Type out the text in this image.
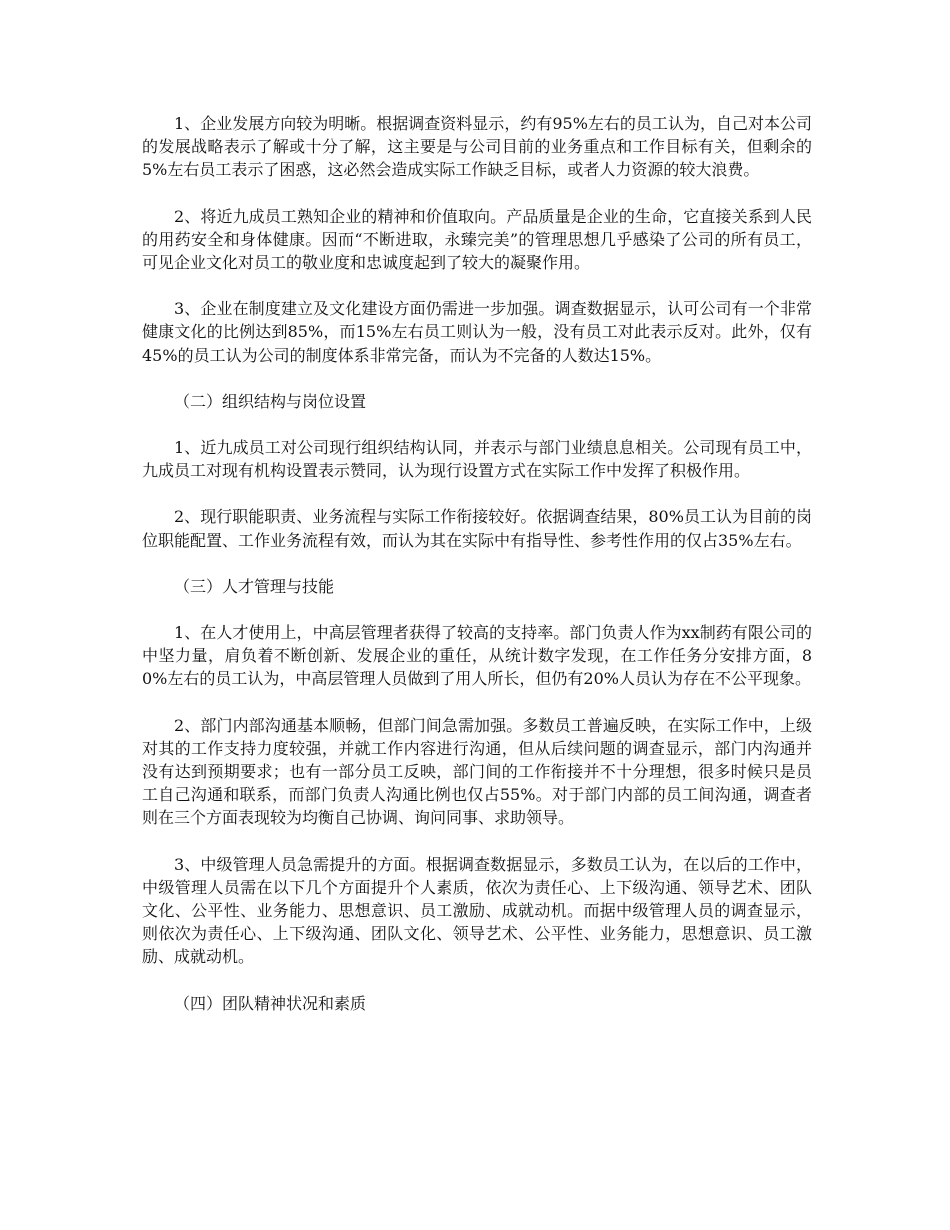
1、企业发展方向较为明晰。根据调查资料显示，约有95%左右的员工认为，自己对本公司的发展战略表示了解或十分了解，这主要是与公司目前的业务重点和工作目标有关，但剩余的5%左右员工表示了困惑，这必然会造成实际工作缺乏目标，或者人力资源的较大浪费。

2、将近九成员工熟知企业的精神和价值取向。产品质量是企业的生命，它直接关系到人民的用药安全和身体健康。因而“不断进取，永臻完美”的管理思想几乎感染了公司的所有员工，可见企业文化对员工的敬业度和忠诚度起到了较大的凝聚作用。

3、企业在制度建立及文化建设方面仍需进一步加强。调查数据显示，认可公司有一个非常健康文化的比例达到85%，而15%左右员工则认为一般，没有员工对此表示反对。此外，仅有45%的员工认为公司的制度体系非常完备，而认为不完备的人数达15%。

（二）组织结构与岗位设置

1、近九成员工对公司现行组织结构认同，并表示与部门业绩息息相关。公司现有员工中，九成员工对现有机构设置表示赞同，认为现行设置方式在实际工作中发挥了积极作用。

2、现行职能职责、业务流程与实际工作衔接较好。依据调查结果，80%员工认为目前的岗位职能配置、工作业务流程有效，而认为其在实际中有指导性、参考性作用的仅占35%左右。

（三）人才管理与技能

1、在人才使用上，中高层管理者获得了较高的支持率。部门负责人作为xx制药有限公司的中坚力量，肩负着不断创新、发展企业的重任，从统计数字发现，在工作任务分安排方面，80%左右的员工认为，中高层管理人员做到了用人所长，但仍有20%人员认为存在不公平现象。

2、部门内部沟通基本顺畅，但部门间急需加强。多数员工普遍反映，在实际工作中，上级对其的工作支持力度较强，并就工作内容进行沟通，但从后续问题的调查显示，部门内沟通并没有达到预期要求；也有一部分员工反映，部门间的工作衔接并不十分理想，很多时候只是员工自己沟通和联系，而部门负责人沟通比例也仅占55%。对于部门内部的员工间沟通，调查者则在三个方面表现较为均衡自己协调、询问同事、求助领导。

3、中级管理人员急需提升的方面。根据调查数据显示，多数员工认为，在以后的工作中，中级管理人员需在以下几个方面提升个人素质，依次为责任心、上下级沟通、领导艺术、团队文化、公平性、业务能力、思想意识、员工激励、成就动机。而据中级管理人员的调查显示，则依次为责任心、上下级沟通、团队文化、领导艺术、公平性、业务能力，思想意识、员工激励、成就动机。

（四）团队精神状况和素质
